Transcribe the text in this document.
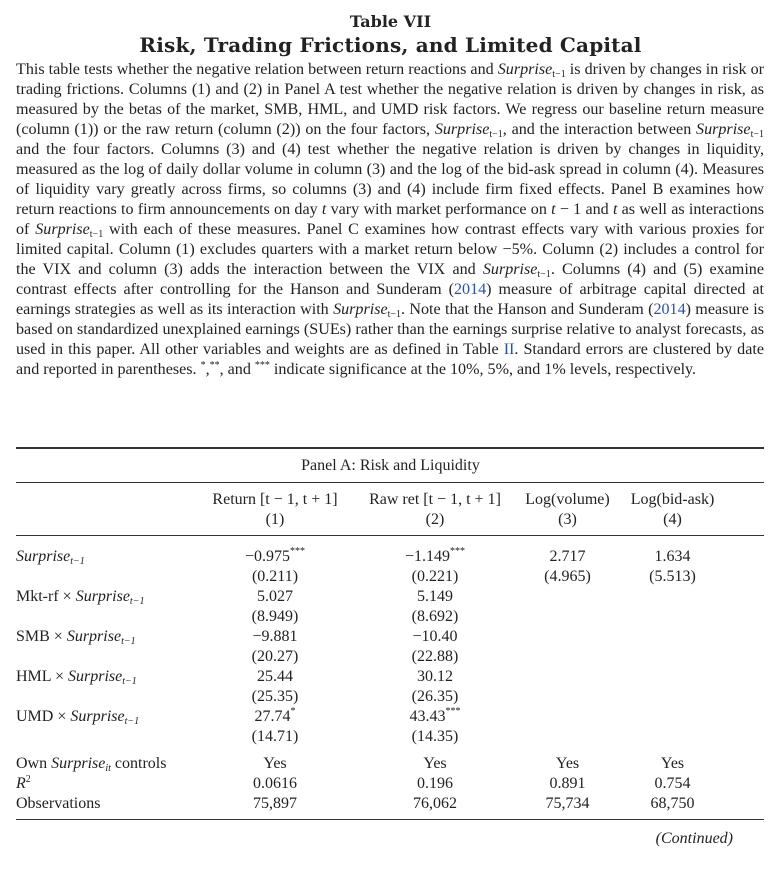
Table VII
Risk, Trading Frictions, and Limited Capital
This table tests whether the negative relation between return reactions and Surprise$_{t-1}$ is driven by changes in risk or trading frictions. Columns (1) and (2) in Panel A test whether the negative relation is driven by changes in risk, as measured by the betas of the market, SMB, HML, and UMD risk factors. We regress our baseline return measure (column (1)) or the raw return (column (2)) on the four factors, Surprise$_{t-1}$, and the interaction between Surprise$_{t-1}$ and the four factors. Columns (3) and (4) test whether the negative relation is driven by changes in liquidity, measured as the log of daily dollar volume in column (3) and the log of the bid-ask spread in column (4). Measures of liquidity vary greatly across firms, so columns (3) and (4) include firm fixed effects. Panel B examines how return reactions to firm announcements on day t vary with market performance on t − 1 and t as well as interactions of Surprise$_{t-1}$ with each of these measures. Panel C examines how contrast effects vary with various proxies for limited capital. Column (1) excludes quarters with a market return below −5%. Column (2) includes a control for the VIX and column (3) adds the interaction between the VIX and Surprise$_{t-1}$. Columns (4) and (5) examine contrast effects after controlling for the Hanson and Sunderam (2014) measure of arbitrage capital directed at earnings strategies as well as its interaction with Surprise$_{t-1}$. Note that the Hanson and Sunderam (2014) measure is based on standardized unexplained earnings (SUEs) rather than the earnings surprise relative to analyst forecasts, as used in this paper. All other variables and weights are as defined in Table II. Standard errors are clustered by date and reported in parentheses. *,**, and *** indicate significance at the 10%, 5%, and 1% levels, respectively.
Panel A: Risk and Liquidity
Return [t − 1, t + 1]	Raw ret [t − 1, t + 1]	Log(volume)	Log(bid-ask)
(1)	(2)	(3)	(4)
Surprise$_{t-1}$	−0.975***	−1.149***	2.717	1.634
(0.211)	(0.221)	(4.965)	(5.513)
Mkt-rf × Surprise$_{t-1}$	5.027	5.149
(8.949)	(8.692)
SMB × Surprise$_{t-1}$	−9.881	−10.40
(20.27)	(22.88)
HML × Surprise$_{t-1}$	25.44	30.12
(25.35)	(26.35)
UMD × Surprise$_{t-1}$	27.74*	43.43***
(14.71)	(14.35)
Own Surprise$_{it}$ controls	Yes	Yes	Yes	Yes
$R^2$	0.0616	0.196	0.891	0.754
Observations	75,897	76,062	75,734	68,750
(Continued)
